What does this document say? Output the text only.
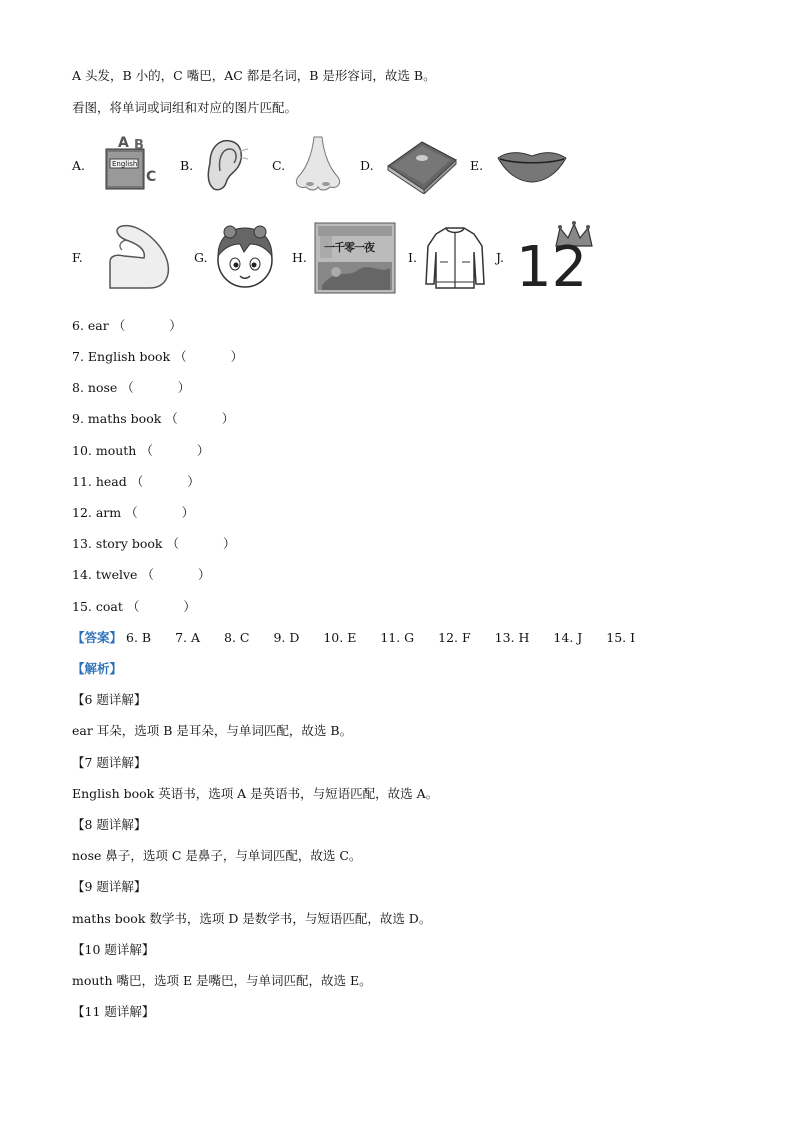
A 头发，B 小的，C 嘴巴，AC 都是名词，B 是形容词，故选 B。
看图，将单词或词组和对应的图片匹配。
A.	English
A B
C
B.	C.	D.	E.
F.	G.	H.
一千零一夜
I.	J. 12
6. ear （	）
7. English book （	）
8. nose （	）
9. maths book （	）
10. mouth （	）
11. head （	）
12. arm （	）
13. story book （	）
14. twelve （	）
15. coat （	）
【答案】 6. B 7. A 8. C 9. D 10. E 11. G 12. F 13. H 14. J 15. I
【解析】
【6 题详解】
ear 耳朵，选项 B 是耳朵，与单词匹配，故选 B。
【7 题详解】
English book 英语书，选项 A 是英语书，与短语匹配，故选 A。
【8 题详解】
nose 鼻子，选项 C 是鼻子，与单词匹配，故选 C。
【9 题详解】
maths book 数学书，选项 D 是数学书，与短语匹配，故选 D。
【10 题详解】
mouth 嘴巴，选项 E 是嘴巴，与单词匹配，故选 E。
【11 题详解】
